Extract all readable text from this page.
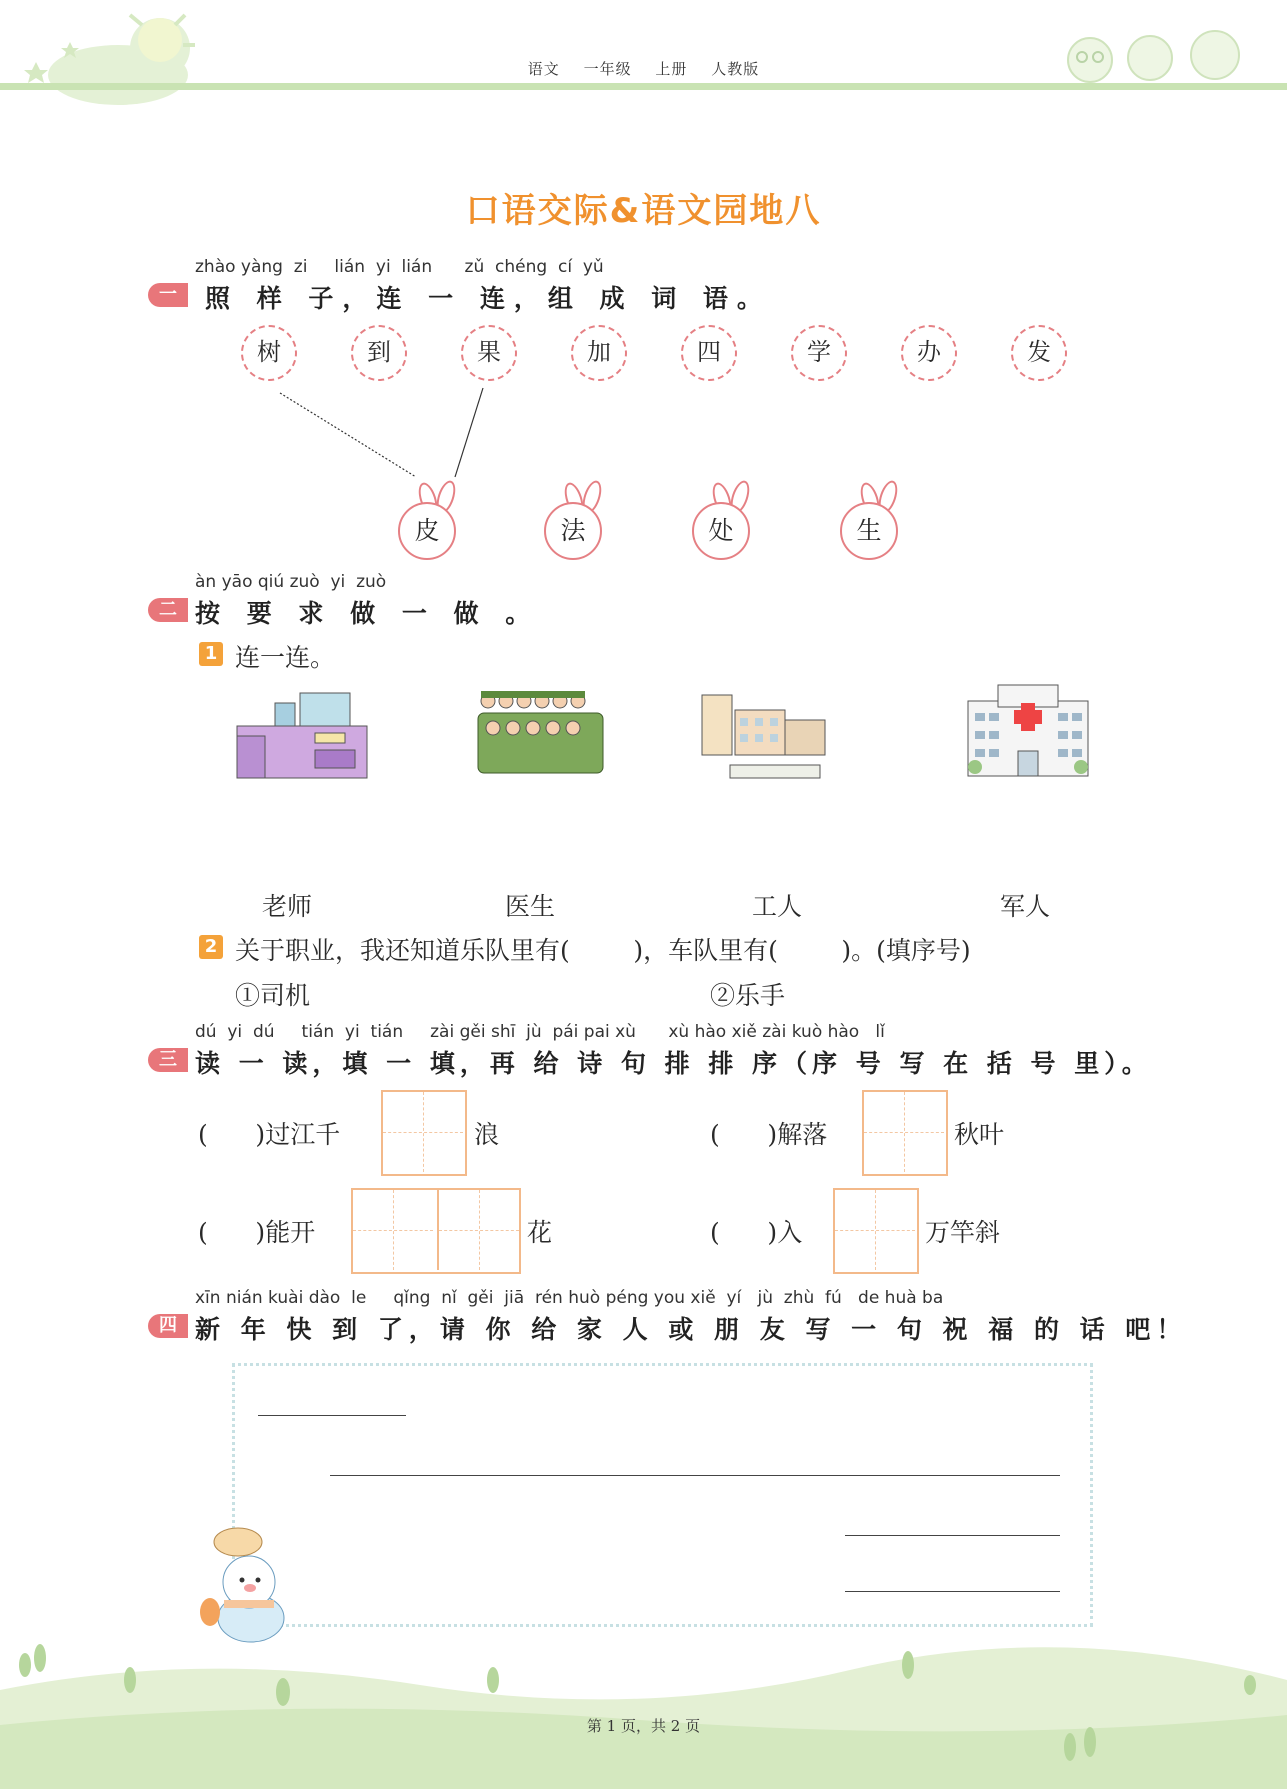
语文 一年级 上册 人教版
口语交际&语文园地八
zhào yàng  zi     lián  yi  lián      zǔ  chéng  cí  yǔ
一	照 样 子，连 一 连，组 成 词 语。
树	到	果	加	四	学	办	发
皮	法	处	生
àn yāo qiú zuò  yi  zuò
二 按 要 求 做 一 做 。
1 连一连。
老师	医生	工人	军人
2 关于职业，我还知道乐队里有(        )，车队里有(        )。(填序号)
①司机	②乐手
dú  yi  dú     tián  yi  tián     zài gěi shī  jù  pái pai xù      xù hào xiě zài kuò hào   lǐ
三 读 一 读，填 一 填，再 给 诗 句 排 排 序（序 号 写 在 括 号 里）。
(      )过江千	浪	(      )解落	秋叶
(      )能开	花	(      )入	万竿斜
xīn nián kuài dào  le     qǐng  nǐ  gěi  jiā  rén huò péng you xiě  yí   jù  zhù  fú   de huà ba
四 新 年 快 到 了，请 你 给 家 人 或 朋 友 写 一 句 祝 福 的 话 吧！
第 1 页，共 2 页
